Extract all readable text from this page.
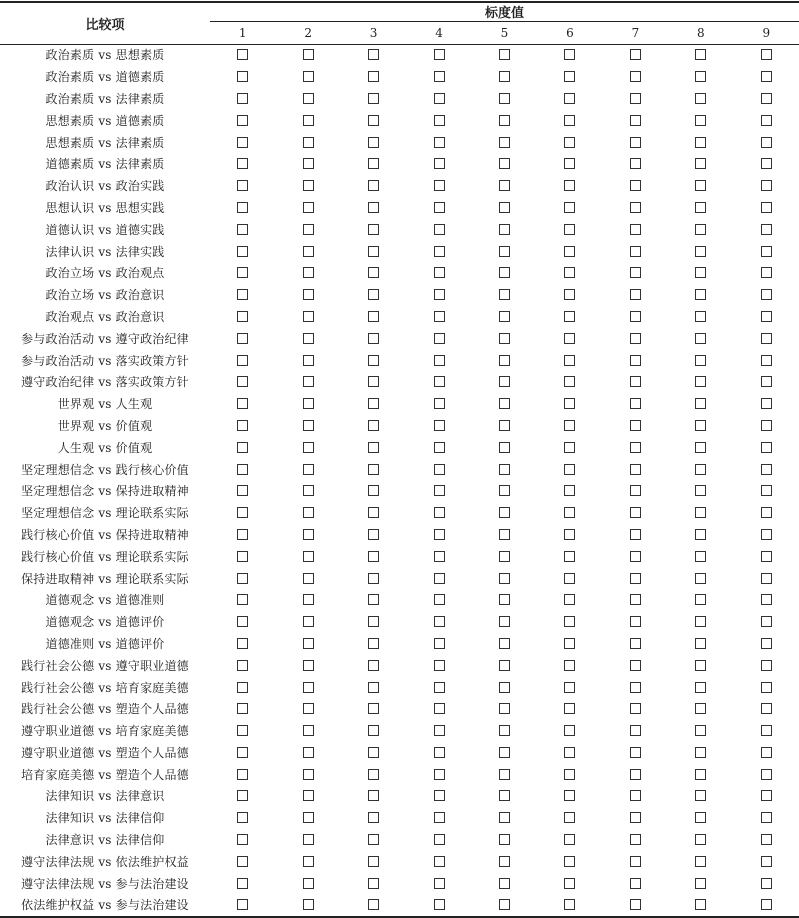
比较项
标度值
1	2	3	4	5	6	7	8	9
政治素质 vs 思想素质
政治素质 vs 道德素质
政治素质 vs 法律素质
思想素质 vs 道德素质
思想素质 vs 法律素质
道德素质 vs 法律素质
政治认识 vs 政治实践
思想认识 vs 思想实践
道德认识 vs 道德实践
法律认识 vs 法律实践
政治立场 vs 政治观点
政治立场 vs 政治意识
政治观点 vs 政治意识
参与政治活动 vs 遵守政治纪律
参与政治活动 vs 落实政策方针
遵守政治纪律 vs 落实政策方针
世界观 vs 人生观
世界观 vs 价值观
人生观 vs 价值观
坚定理想信念 vs 践行核心价值
坚定理想信念 vs 保持进取精神
坚定理想信念 vs 理论联系实际
践行核心价值 vs 保持进取精神
践行核心价值 vs 理论联系实际
保持进取精神 vs 理论联系实际
道德观念 vs 道德准则
道德观念 vs 道德评价
道德准则 vs 道德评价
践行社会公德 vs 遵守职业道德
践行社会公德 vs 培育家庭美德
践行社会公德 vs 塑造个人品德
遵守职业道德 vs 培育家庭美德
遵守职业道德 vs 塑造个人品德
培育家庭美德 vs 塑造个人品德
法律知识 vs 法律意识
法律知识 vs 法律信仰
法律意识 vs 法律信仰
遵守法律法规 vs 依法维护权益
遵守法律法规 vs 参与法治建设
依法维护权益 vs 参与法治建设
